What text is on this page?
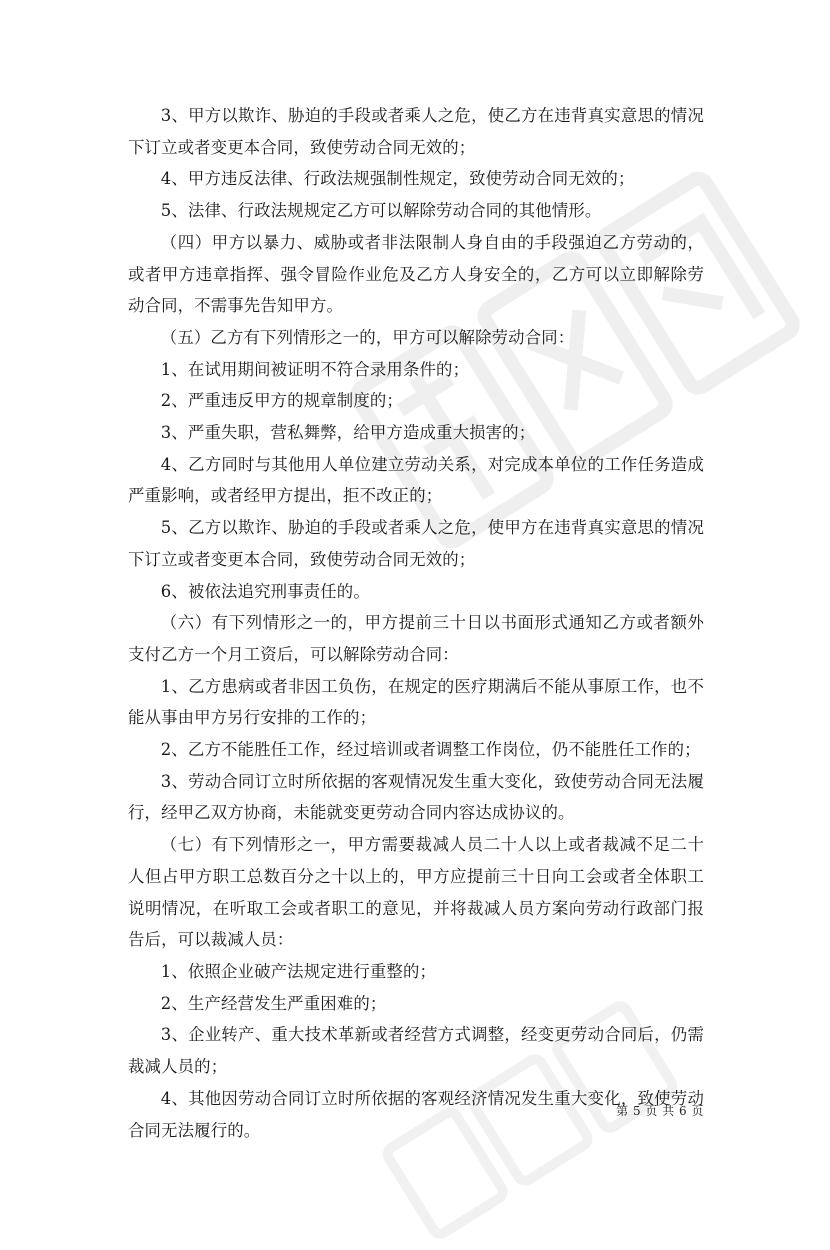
3、甲方以欺诈、胁迫的手段或者乘人之危，使乙方在违背真实意思的情况下订立或者变更本合同，致使劳动合同无效的；

4、甲方违反法律、行政法规强制性规定，致使劳动合同无效的；

5、法律、行政法规规定乙方可以解除劳动合同的其他情形。

（四）甲方以暴力、威胁或者非法限制人身自由的手段强迫乙方劳动的，或者甲方违章指挥、强令冒险作业危及乙方人身安全的，乙方可以立即解除劳动合同，不需事先告知甲方。

（五）乙方有下列情形之一的，甲方可以解除劳动合同：

1、在试用期间被证明不符合录用条件的；

2、严重违反甲方的规章制度的；

3、严重失职，营私舞弊，给甲方造成重大损害的；

4、乙方同时与其他用人单位建立劳动关系，对完成本单位的工作任务造成严重影响，或者经甲方提出，拒不改正的；

5、乙方以欺诈、胁迫的手段或者乘人之危，使甲方在违背真实意思的情况下订立或者变更本合同，致使劳动合同无效的；

6、被依法追究刑事责任的。

（六）有下列情形之一的，甲方提前三十日以书面形式通知乙方或者额外支付乙方一个月工资后，可以解除劳动合同：

1、乙方患病或者非因工负伤，在规定的医疗期满后不能从事原工作，也不能从事由甲方另行安排的工作的；

2、乙方不能胜任工作，经过培训或者调整工作岗位，仍不能胜任工作的；

3、劳动合同订立时所依据的客观情况发生重大变化，致使劳动合同无法履行，经甲乙双方协商，未能就变更劳动合同内容达成协议的。

（七）有下列情形之一，甲方需要裁减人员二十人以上或者裁减不足二十人但占甲方职工总数百分之十以上的，甲方应提前三十日向工会或者全体职工说明情况，在听取工会或者职工的意见，并将裁减人员方案向劳动行政部门报告后，可以裁减人员：

1、依照企业破产法规定进行重整的；

2、生产经营发生严重困难的；

3、企业转产、重大技术革新或者经营方式调整，经变更劳动合同后，仍需裁减人员的；

4、其他因劳动合同订立时所依据的客观经济情况发生重大变化，致使劳动合同无法履行的。

第 5 页 共 6 页
